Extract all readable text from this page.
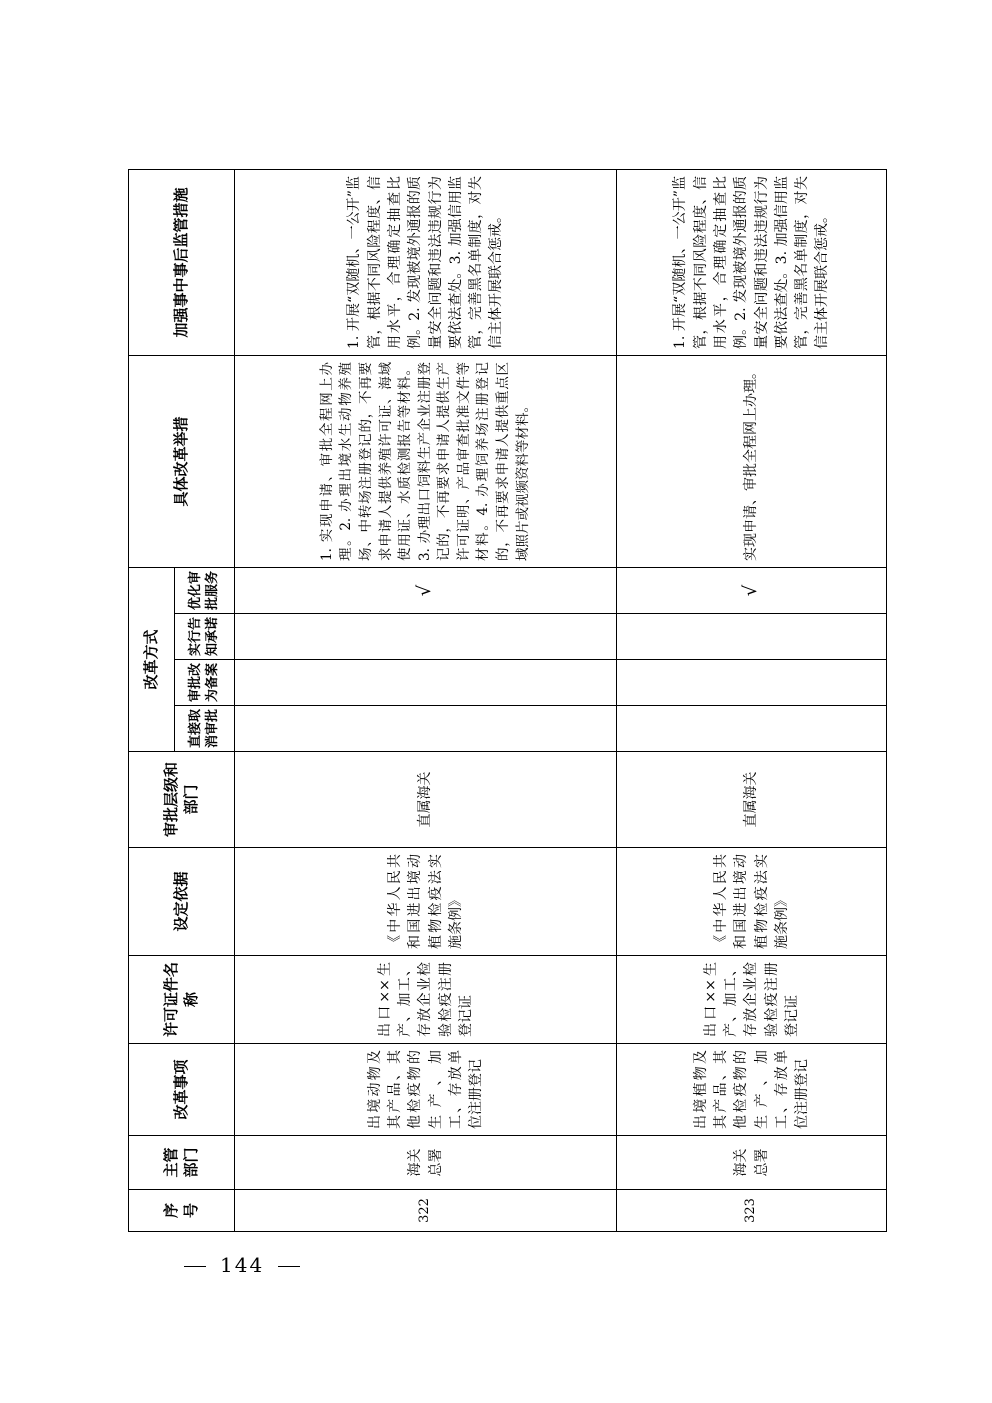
序号	主管部门	改革事项	许可证件名称	设定依据	审批层级和部门	改革方式				具体改革举措	加强事中事后监管措施
						直接取消审批	审批改为备案	实行告知承诺	优化审批服务		
322	海关总署	出境动物及其产品、其他检疫物的生产、加工、存放单位注册登记	出口××生产、加工、存放企业检验检疫注册登记证	《中华人民共和国进出境动植物检疫法实施条例》	直属海关				√	1. 实现申请、审批全程网上办理。2. 办理出境水生动物养殖场、中转场注册登记的，不再要求申请人提供养殖许可证、海域使用证、水质检测报告等材料。3. 办理出口饲料生产企业注册登记的，不再要求申请人提供生产许可证明、产品审查批准文件等材料。4. 办理饲养场注册登记的，不再要求申请人提供重点区域照片或视频资料等材料。	1. 开展“双随机、一公开”监管，根据不同风险程度、信用水平，合理确定抽查比例。2. 发现被境外通报的质量安全问题和违法违规行为要依法查处。3. 加强信用监管，完善黑名单制度，对失信主体开展联合惩戒。
323	海关总署	出境植物及其产品、其他检疫物的生产、加工、存放单位注册登记	出口××生产、加工、存放企业检验检疫注册登记证	《中华人民共和国进出境动植物检疫法实施条例》	直属海关				√	实现申请、审批全程网上办理。	1. 开展“双随机、一公开”监管，根据不同风险程度、信用水平，合理确定抽查比例。2. 发现被境外通报的质量安全问题和违法违规行为要依法查处。3. 加强信用监管，完善黑名单制度，对失信主体开展联合惩戒。
144
